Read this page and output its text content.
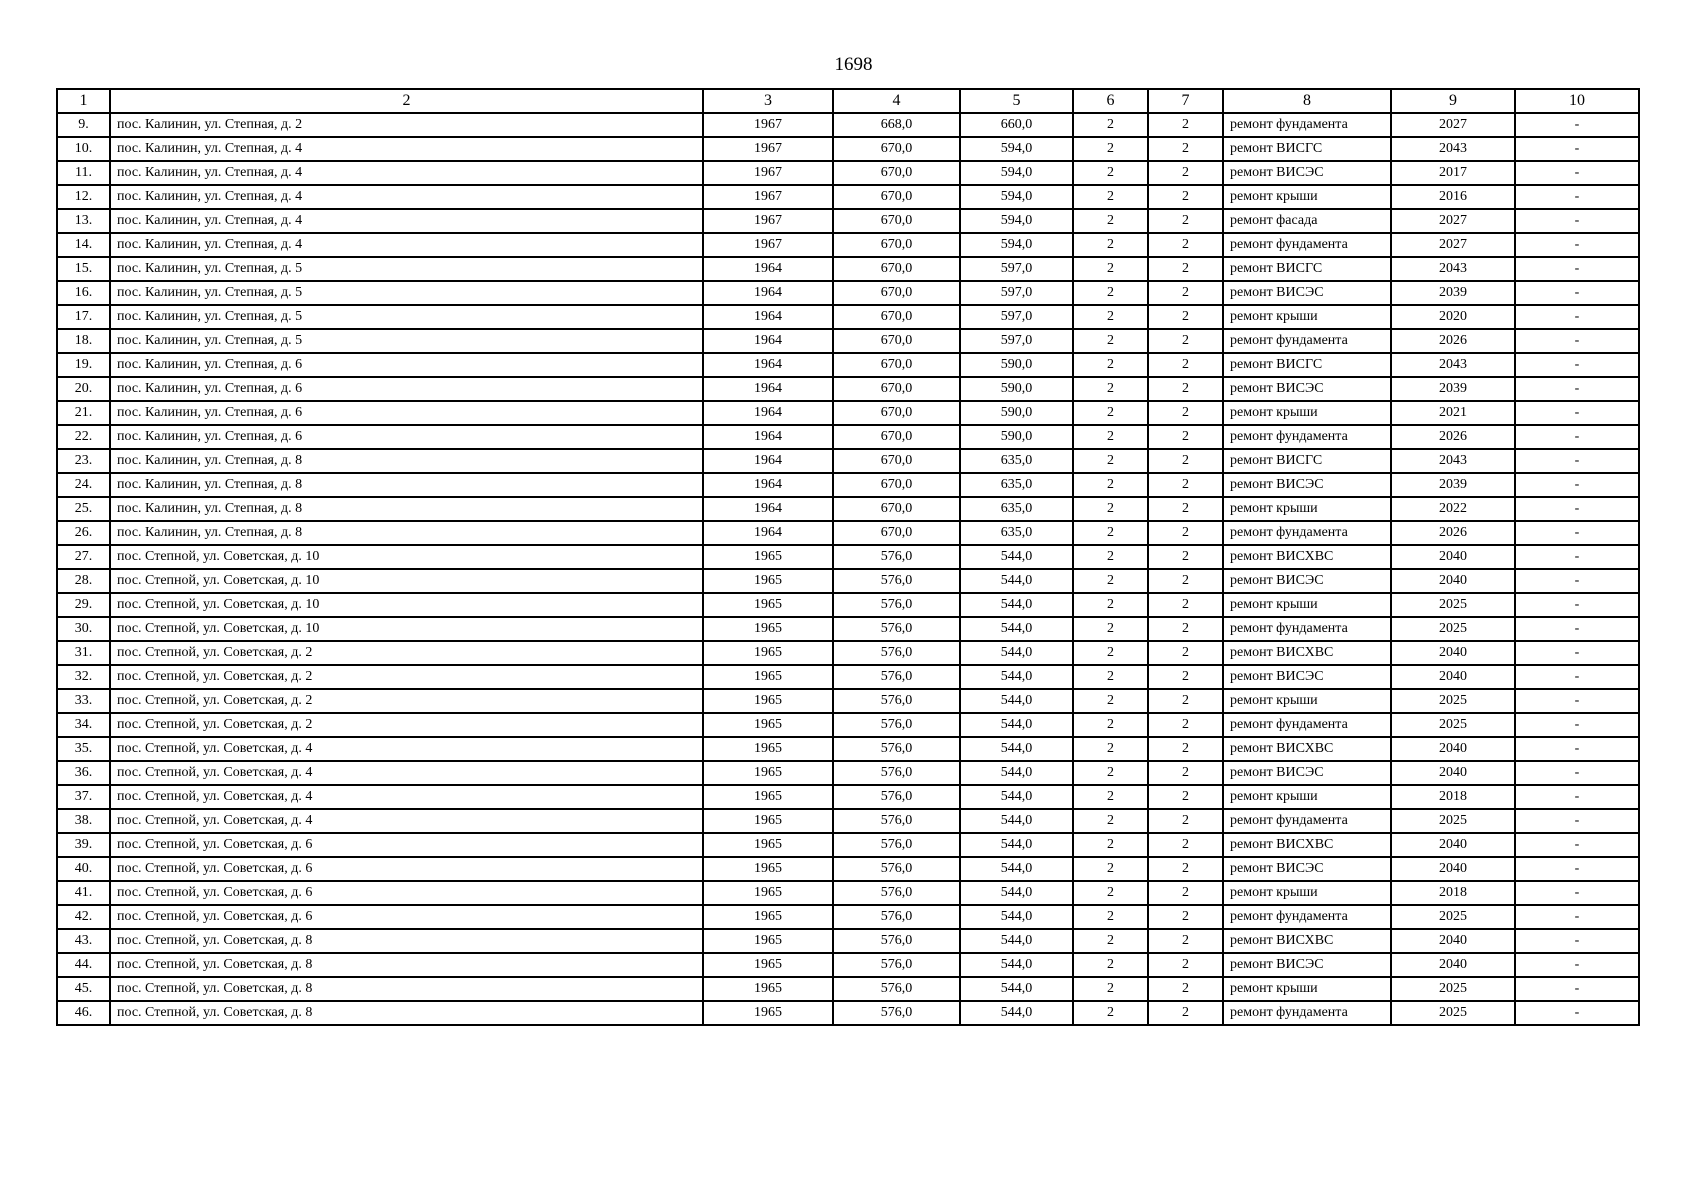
1698
1	2	3	4	5	6	7	8	9	10
9.	пос. Калинин, ул. Степная, д. 2	1967	668,0	660,0	2	2	ремонт фундамента	2027	-
10.	пос. Калинин, ул. Степная, д. 4	1967	670,0	594,0	2	2	ремонт ВИСГС	2043	-
11.	пос. Калинин, ул. Степная, д. 4	1967	670,0	594,0	2	2	ремонт ВИСЭС	2017	-
12.	пос. Калинин, ул. Степная, д. 4	1967	670,0	594,0	2	2	ремонт крыши	2016	-
13.	пос. Калинин, ул. Степная, д. 4	1967	670,0	594,0	2	2	ремонт фасада	2027	-
14.	пос. Калинин, ул. Степная, д. 4	1967	670,0	594,0	2	2	ремонт фундамента	2027	-
15.	пос. Калинин, ул. Степная, д. 5	1964	670,0	597,0	2	2	ремонт ВИСГС	2043	-
16.	пос. Калинин, ул. Степная, д. 5	1964	670,0	597,0	2	2	ремонт ВИСЭС	2039	-
17.	пос. Калинин, ул. Степная, д. 5	1964	670,0	597,0	2	2	ремонт крыши	2020	-
18.	пос. Калинин, ул. Степная, д. 5	1964	670,0	597,0	2	2	ремонт фундамента	2026	-
19.	пос. Калинин, ул. Степная, д. 6	1964	670,0	590,0	2	2	ремонт ВИСГС	2043	-
20.	пос. Калинин, ул. Степная, д. 6	1964	670,0	590,0	2	2	ремонт ВИСЭС	2039	-
21.	пос. Калинин, ул. Степная, д. 6	1964	670,0	590,0	2	2	ремонт крыши	2021	-
22.	пос. Калинин, ул. Степная, д. 6	1964	670,0	590,0	2	2	ремонт фундамента	2026	-
23.	пос. Калинин, ул. Степная, д. 8	1964	670,0	635,0	2	2	ремонт ВИСГС	2043	-
24.	пос. Калинин, ул. Степная, д. 8	1964	670,0	635,0	2	2	ремонт ВИСЭС	2039	-
25.	пос. Калинин, ул. Степная, д. 8	1964	670,0	635,0	2	2	ремонт крыши	2022	-
26.	пос. Калинин, ул. Степная, д. 8	1964	670,0	635,0	2	2	ремонт фундамента	2026	-
27.	пос. Степной, ул. Советская, д. 10	1965	576,0	544,0	2	2	ремонт ВИСХВС	2040	-
28.	пос. Степной, ул. Советская, д. 10	1965	576,0	544,0	2	2	ремонт ВИСЭС	2040	-
29.	пос. Степной, ул. Советская, д. 10	1965	576,0	544,0	2	2	ремонт крыши	2025	-
30.	пос. Степной, ул. Советская, д. 10	1965	576,0	544,0	2	2	ремонт фундамента	2025	-
31.	пос. Степной, ул. Советская, д. 2	1965	576,0	544,0	2	2	ремонт ВИСХВС	2040	-
32.	пос. Степной, ул. Советская, д. 2	1965	576,0	544,0	2	2	ремонт ВИСЭС	2040	-
33.	пос. Степной, ул. Советская, д. 2	1965	576,0	544,0	2	2	ремонт крыши	2025	-
34.	пос. Степной, ул. Советская, д. 2	1965	576,0	544,0	2	2	ремонт фундамента	2025	-
35.	пос. Степной, ул. Советская, д. 4	1965	576,0	544,0	2	2	ремонт ВИСХВС	2040	-
36.	пос. Степной, ул. Советская, д. 4	1965	576,0	544,0	2	2	ремонт ВИСЭС	2040	-
37.	пос. Степной, ул. Советская, д. 4	1965	576,0	544,0	2	2	ремонт крыши	2018	-
38.	пос. Степной, ул. Советская, д. 4	1965	576,0	544,0	2	2	ремонт фундамента	2025	-
39.	пос. Степной, ул. Советская, д. 6	1965	576,0	544,0	2	2	ремонт ВИСХВС	2040	-
40.	пос. Степной, ул. Советская, д. 6	1965	576,0	544,0	2	2	ремонт ВИСЭС	2040	-
41.	пос. Степной, ул. Советская, д. 6	1965	576,0	544,0	2	2	ремонт крыши	2018	-
42.	пос. Степной, ул. Советская, д. 6	1965	576,0	544,0	2	2	ремонт фундамента	2025	-
43.	пос. Степной, ул. Советская, д. 8	1965	576,0	544,0	2	2	ремонт ВИСХВС	2040	-
44.	пос. Степной, ул. Советская, д. 8	1965	576,0	544,0	2	2	ремонт ВИСЭС	2040	-
45.	пос. Степной, ул. Советская, д. 8	1965	576,0	544,0	2	2	ремонт крыши	2025	-
46.	пос. Степной, ул. Советская, д. 8	1965	576,0	544,0	2	2	ремонт фундамента	2025	-
